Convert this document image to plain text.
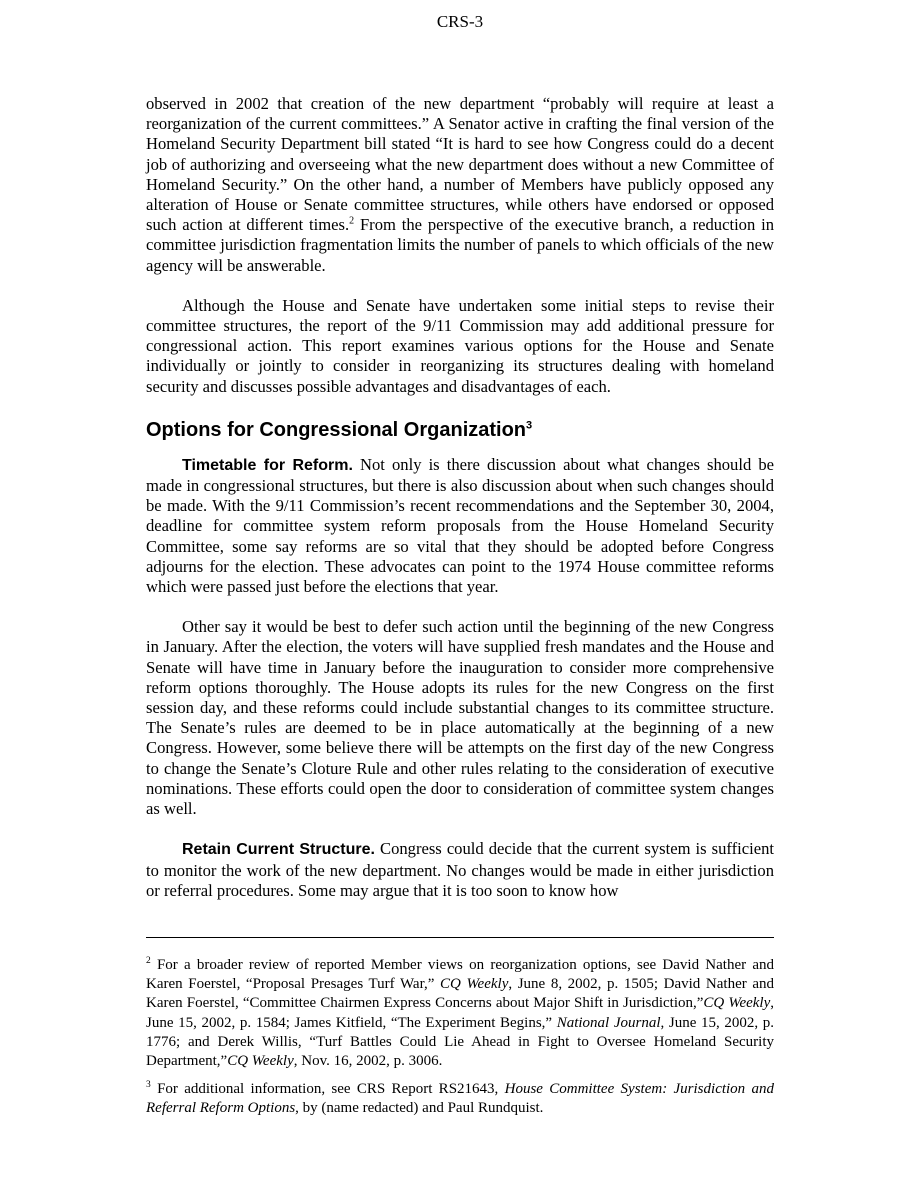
CRS-3

observed in 2002 that creation of the new department “probably will require at least a reorganization of the current committees.” A Senator active in crafting the final version of the Homeland Security Department bill stated “It is hard to see how Congress could do a decent job of authorizing and overseeing what the new department does without a new Committee of Homeland Security.” On the other hand, a number of Members have publicly opposed any alteration of House or Senate committee structures, while others have endorsed or opposed such action at different times.$^2$ From the perspective of the executive branch, a reduction in committee jurisdiction fragmentation limits the number of panels to which officials of the new agency will be answerable.

Although the House and Senate have undertaken some initial steps to revise their committee structures, the report of the 9/11 Commission may add additional pressure for congressional action. This report examines various options for the House and Senate individually or jointly to consider in reorganizing its structures dealing with homeland security and discusses possible advantages and disadvantages of each.

Options for Congressional Organization$^3$

Timetable for Reform. Not only is there discussion about what changes should be made in congressional structures, but there is also discussion about when such changes should be made. With the 9/11 Commission’s recent recommendations and the September 30, 2004, deadline for committee system reform proposals from the House Homeland Security Committee, some say reforms are so vital that they should be adopted before Congress adjourns for the election. These advocates can point to the 1974 House committee reforms which were passed just before the elections that year.

Other say it would be best to defer such action until the beginning of the new Congress in January. After the election, the voters will have supplied fresh mandates and the House and Senate will have time in January before the inauguration to consider more comprehensive reform options thoroughly. The House adopts its rules for the new Congress on the first session day, and these reforms could include substantial changes to its committee structure. The Senate’s rules are deemed to be in place automatically at the beginning of a new Congress. However, some believe there will be attempts on the first day of the new Congress to change the Senate’s Cloture Rule and other rules relating to the consideration of executive nominations. These efforts could open the door to consideration of committee system changes as well.

Retain Current Structure. Congress could decide that the current system is sufficient to monitor the work of the new department. No changes would be made in either jurisdiction or referral procedures. Some may argue that it is too soon to know how

$^2$ For a broader review of reported Member views on reorganization options, see David Nather and Karen Foerstel, “Proposal Presages Turf War,” CQ Weekly, June 8, 2002, p. 1505; David Nather and Karen Foerstel, “Committee Chairmen Express Concerns about Major Shift in Jurisdiction,”CQ Weekly, June 15, 2002, p. 1584; James Kitfield, “The Experiment Begins,” National Journal, June 15, 2002, p. 1776; and Derek Willis, “Turf Battles Could Lie Ahead in Fight to Oversee Homeland Security Department,”CQ Weekly, Nov. 16, 2002, p. 3006.

$^3$ For additional information, see CRS Report RS21643, House Committee System: Jurisdiction and Referral Reform Options, by (name redacted) and Paul Rundquist.
